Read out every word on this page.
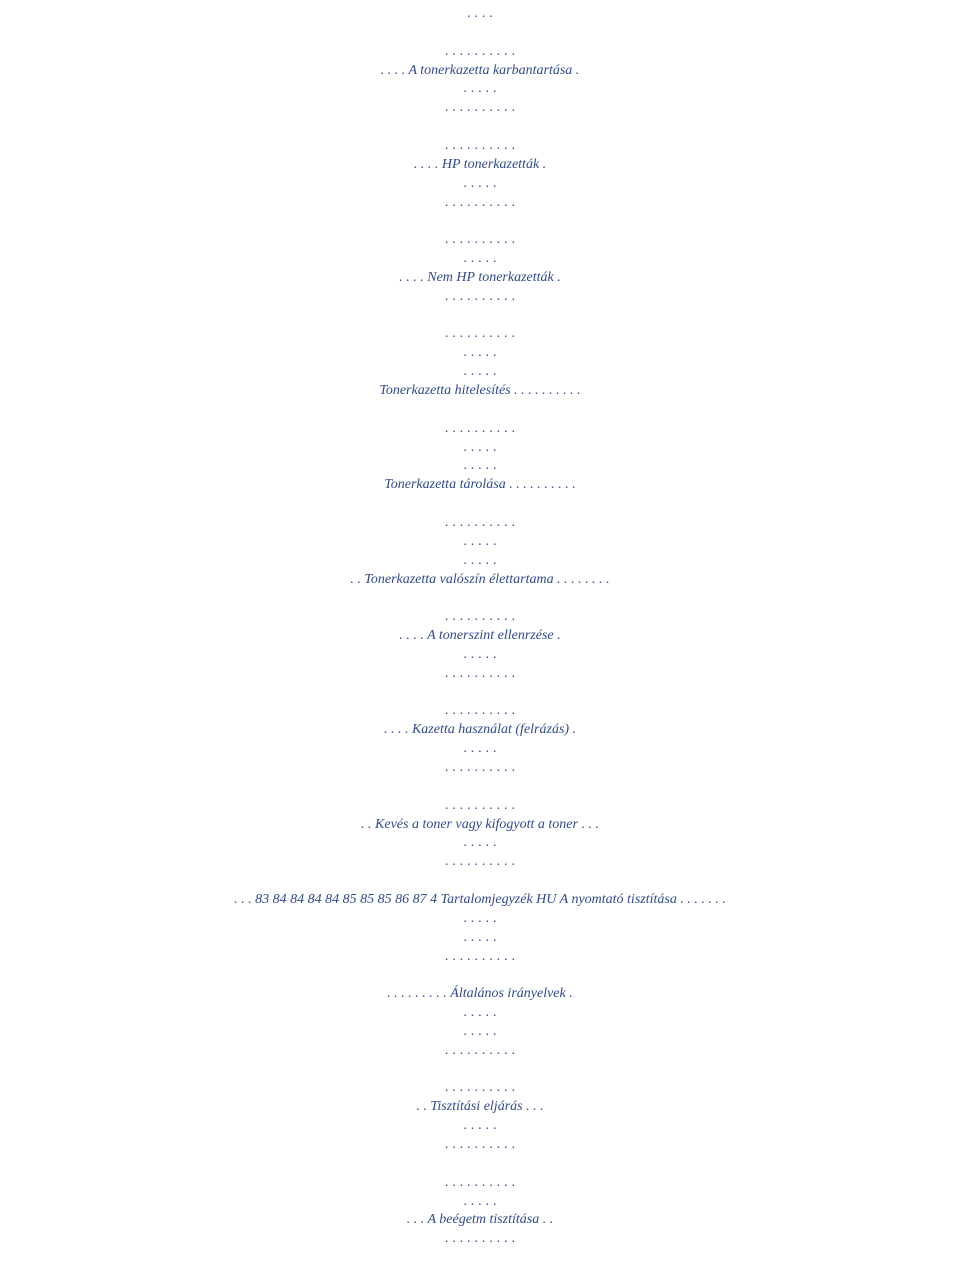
. . . .
. . . . . . . . . .
. . . . A tonerkazetta karbantartása .
. . . . .
. . . . . . . . . .
. . . . . . . . . .
. . . . HP tonerkazetták .
. . . . .
. . . . . . . . . .
. . . . . . . . . .
. . . . .
. . . . Nem HP tonerkazetták .
. . . . . . . . . .
. . . . . . . . . .
. . . . .
. . . . .
Tonerkazetta hitelesítés . . . . . . . . . .
. . . . . . . . . .
. . . . .
. . . . .
Tonerkazetta tárolása . . . . . . . . . .
. . . . . . . . . .
. . . . .
. . . . .
. . Tonerkazetta valószín élettartama . . . . . . . .
. . . . . . . . . .
. . . . A tonerszint ellenrzése .
. . . . .
. . . . . . . . . .
. . . . . . . . . .
. . . . Kazetta használat (felrázás) .
. . . . .
. . . . . . . . . .
. . . . . . . . . .
. . Kevés a toner vagy kifogyott a toner . . .
. . . . .
. . . . . . . . . .
. . . 83 84 84 84 84 85 85 85 86 87 4 Tartalomjegyzék HU A nyomtató tisztítása . . . . . . .
. . . . .
. . . . .
. . . . . . . . . .
. . . . . . . . . Általános irányelvek .
. . . . .
. . . . .
. . . . . . . . . .
. . . . . . . . . .
. . Tisztítási eljárás . . .
. . . . .
. . . . . . . . . .
. . . . . . . . . .
. . . . .
. . . A beégetm tisztítása . .
. . . . . . . . . .
